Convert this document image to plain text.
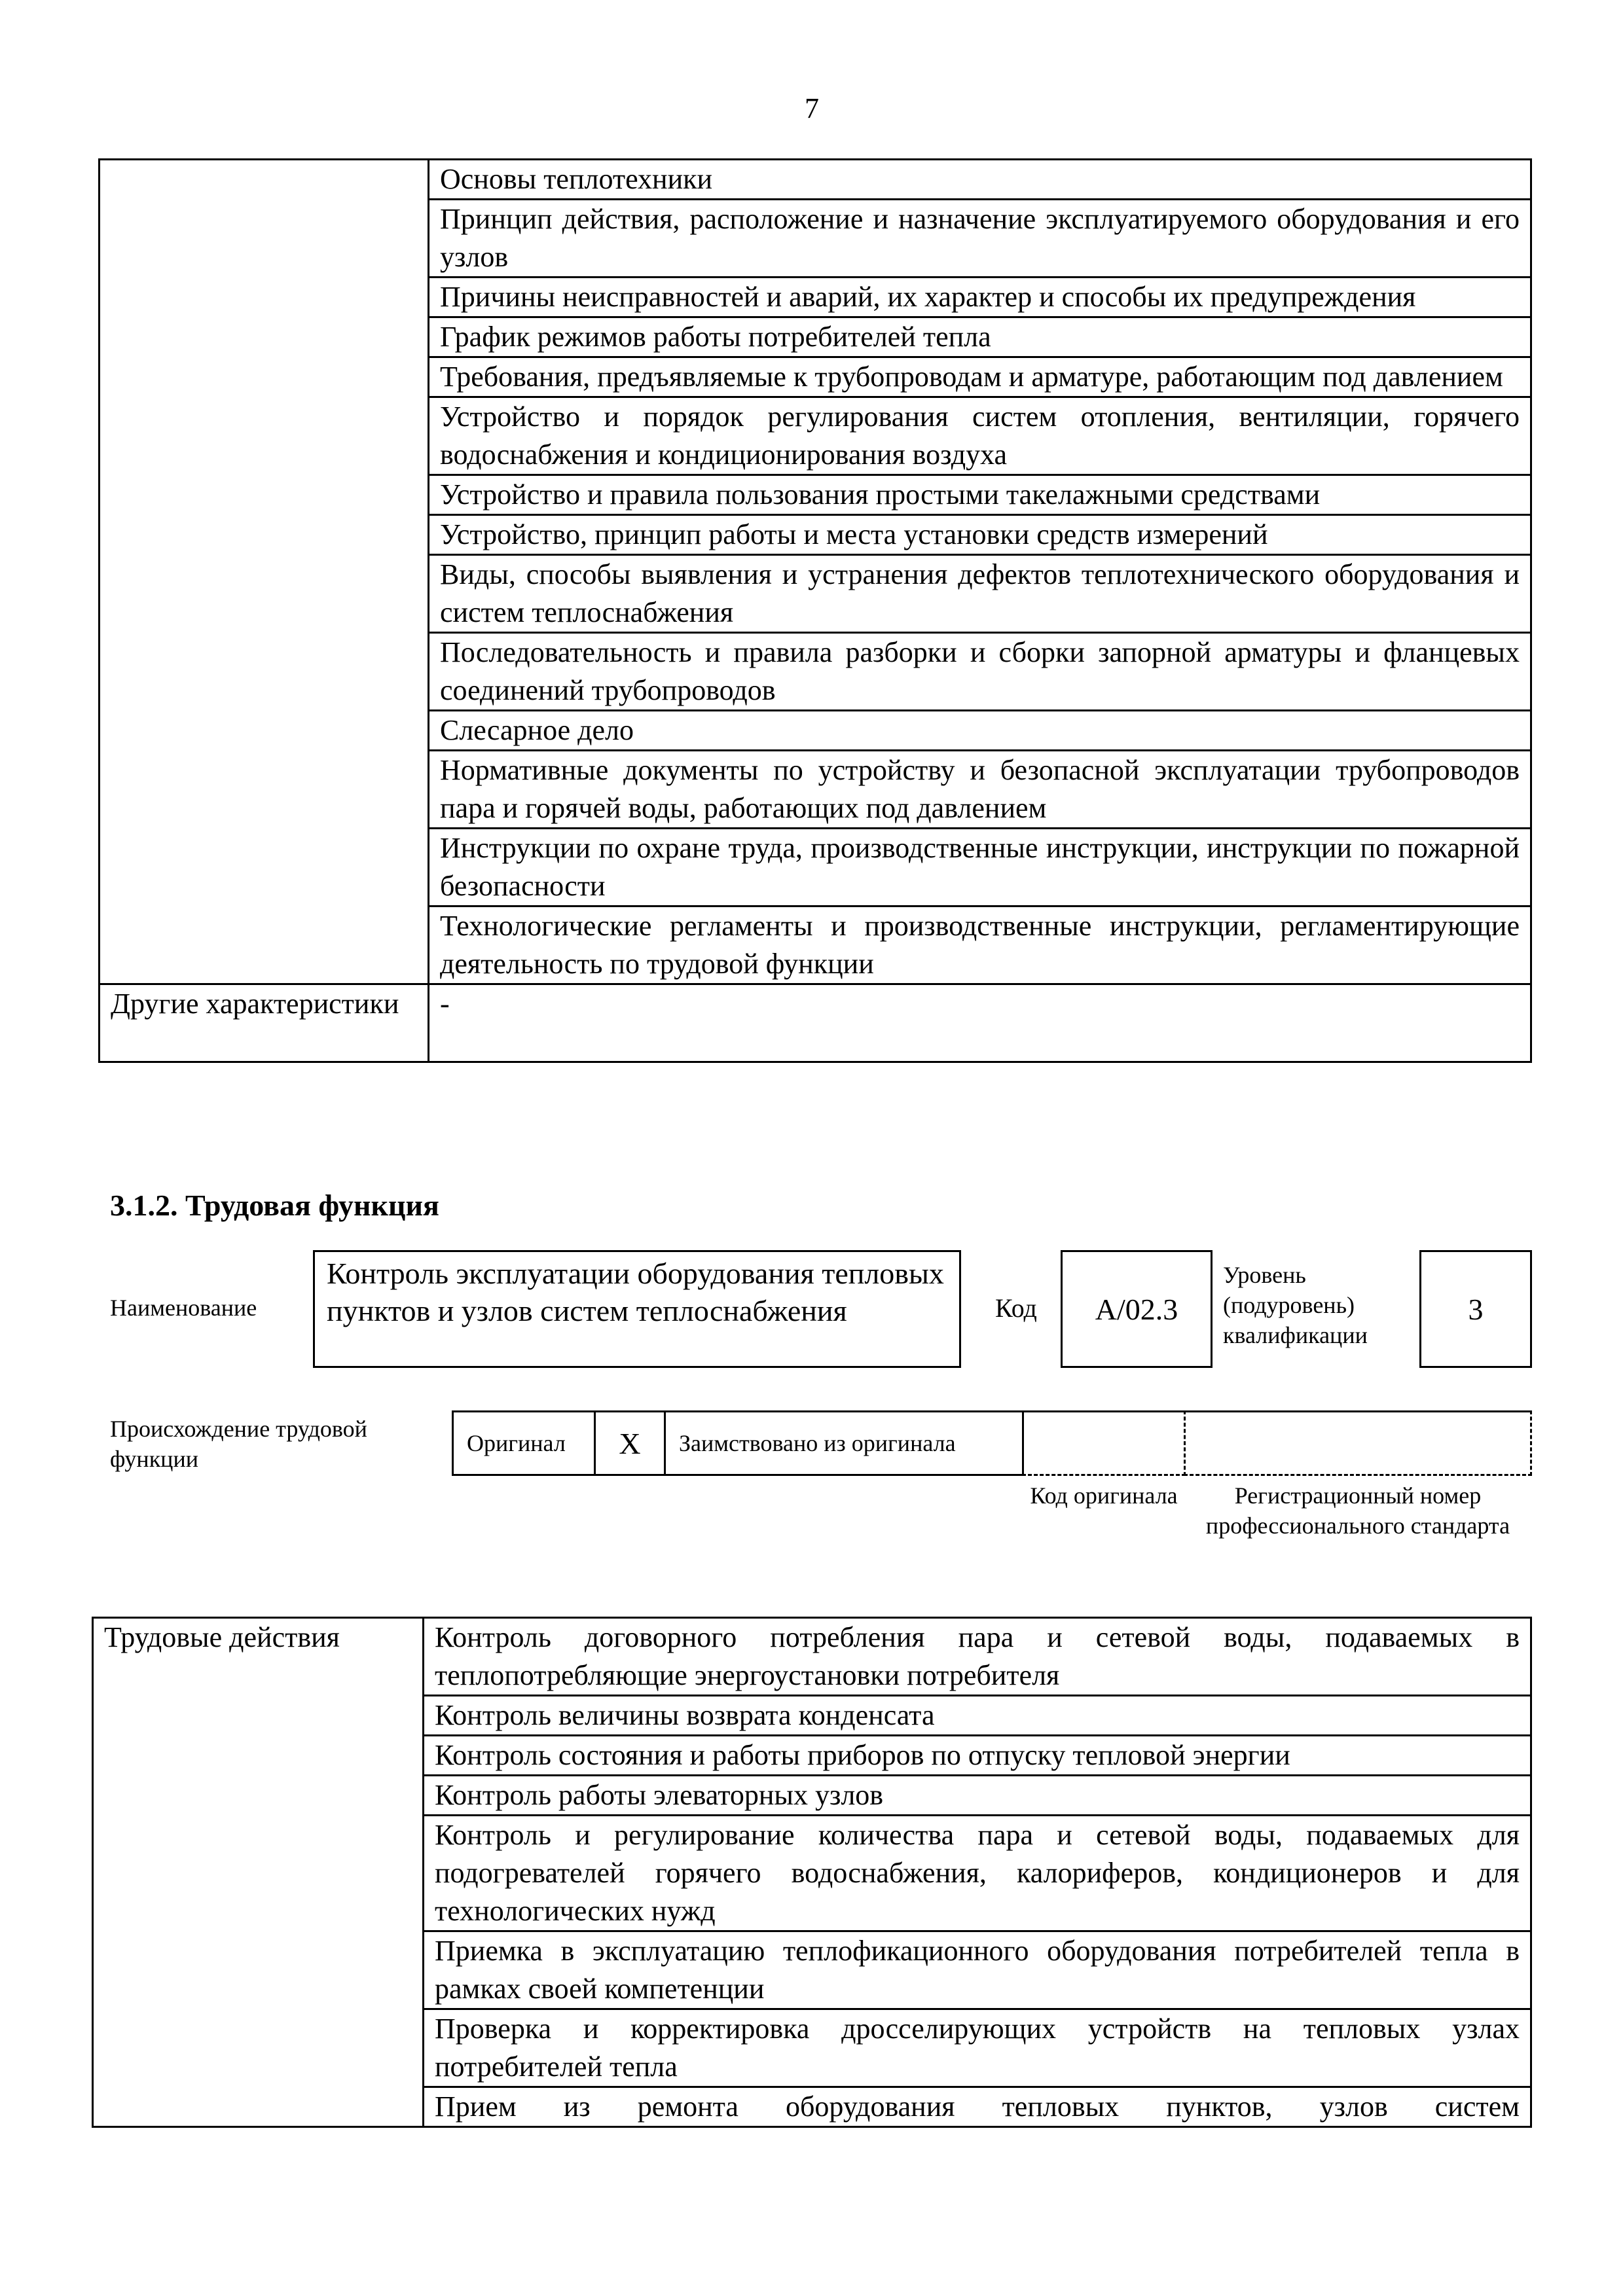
7
	Основы теплотехники
	Принцип действия, расположение и назначение эксплуатируемого оборудования и его узлов
	Причины неисправностей и аварий, их характер и способы их предупреждения
	График режимов работы потребителей тепла
	Требования, предъявляемые к трубопроводам и арматуре, работающим под давлением
	Устройство и порядок регулирования систем отопления, вентиляции, горячего водоснабжения и кондиционирования воздуха
	Устройство и правила пользования простыми такелажными средствами
	Устройство, принцип работы и места установки средств измерений
	Виды, способы выявления и устранения дефектов теплотехнического оборудования и систем теплоснабжения
	Последовательность и правила разборки и сборки запорной арматуры и фланцевых соединений трубопроводов
	Слесарное дело
	Нормативные документы по устройству и безопасной эксплуатации трубопроводов пара и горячей воды, работающих под давлением
	Инструкции по охране труда, производственные инструкции, инструкции по пожарной безопасности
	Технологические регламенты и производственные инструкции, регламентирующие деятельность по трудовой функции
Другие характеристики	-
3.1.2. Трудовая функция
Наименование
Контроль эксплуатации оборудования тепловых пунктов и узлов систем теплоснабжения	Код	A/02.3
Уровень (подуровень) квалификации
3
Происхождение трудовой функции
Оригинал	X	Заимствовано из оригинала
Код оригинала	Регистрационный номер профессионального стандарта
Трудовые действия	Контроль договорного потребления пара и сетевой воды, подаваемых в теплопотребляющие энергоустановки потребителя
Контроль величины возврата конденсата
Контроль состояния и работы приборов по отпуску тепловой энергии
Контроль работы элеваторных узлов
Контроль и регулирование количества пара и сетевой воды, подаваемых для подогревателей горячего водоснабжения, калориферов, кондиционеров и для технологических нужд
Приемка в эксплуатацию теплофикационного оборудования потребителей тепла в рамках своей компетенции
Проверка и корректировка дросселирующих устройств на тепловых узлах потребителей тепла
Прием из ремонта оборудования тепловых пунктов, узлов систем
